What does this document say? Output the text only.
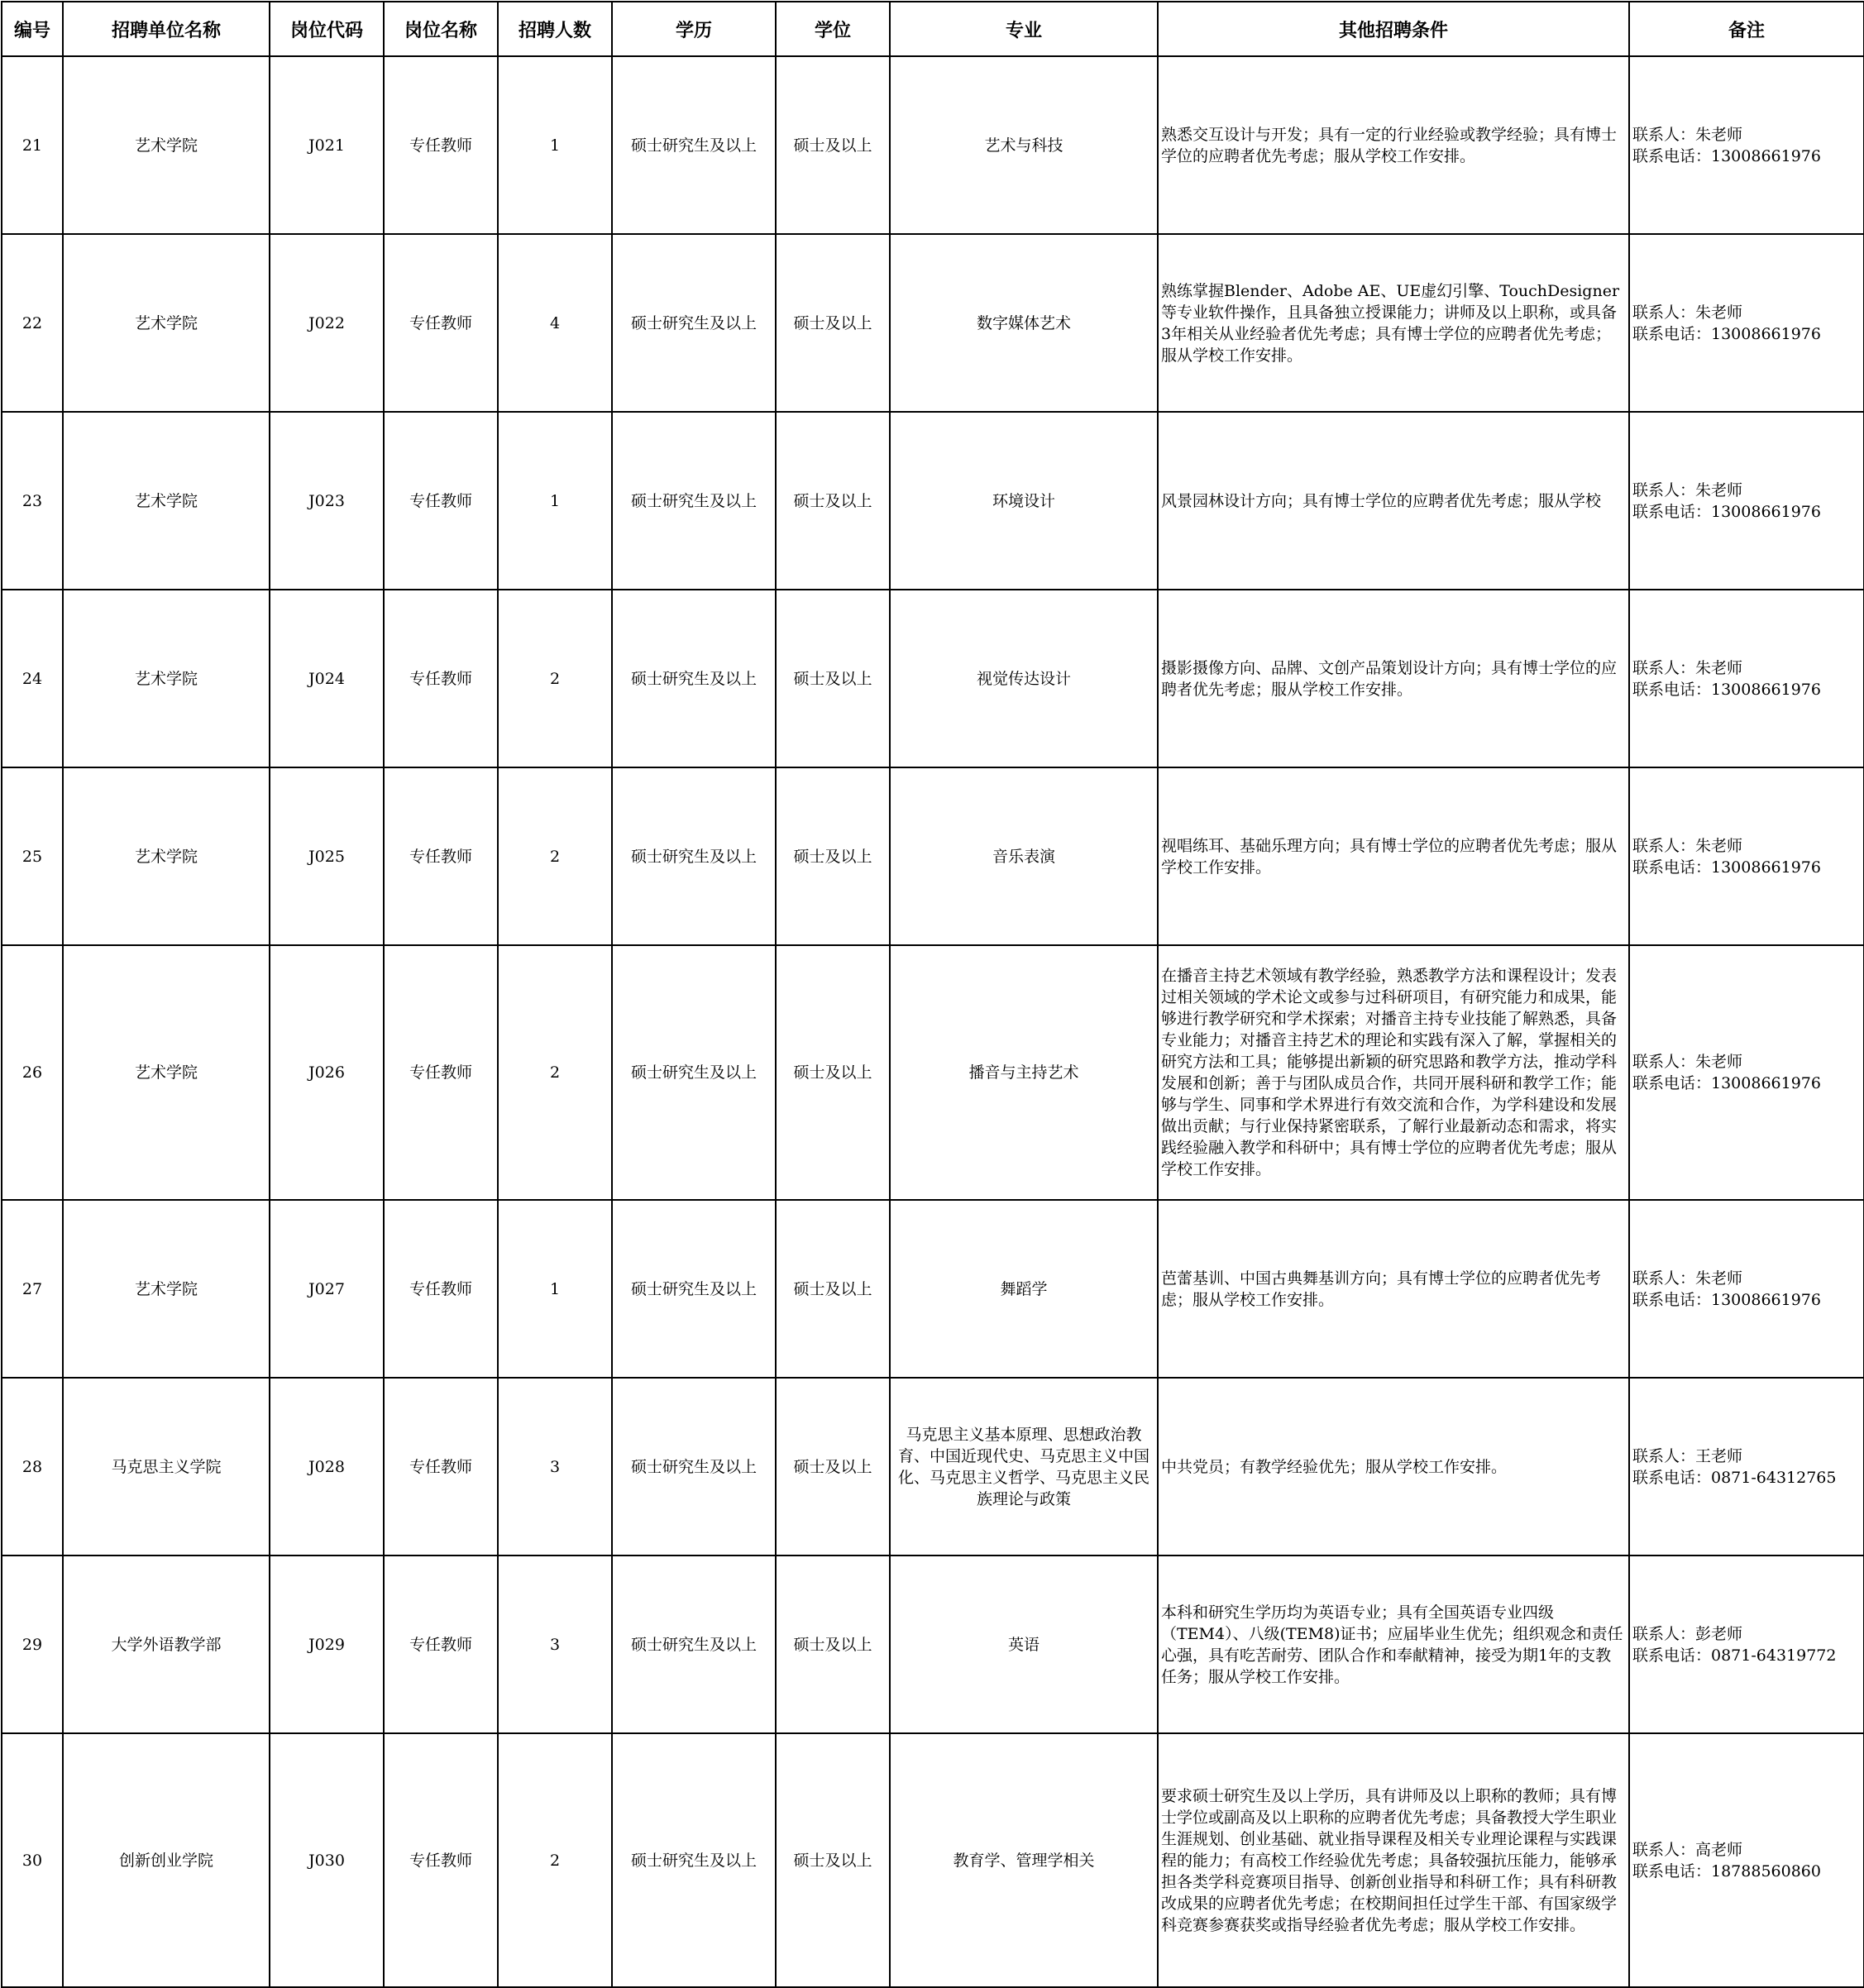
编号	招聘单位名称	岗位代码	岗位名称	招聘人数	学历	学位	专业	其他招聘条件	备注
21	艺术学院	J021	专任教师	1	硕士研究生及以上	硕士及以上	艺术与科技	熟悉交互设计与开发；具有一定的行业经验或教学经验；具有博士学位的应聘者优先考虑；服从学校工作安排。	联系人：朱老师
联系电话：13008661976

22	艺术学院	J022	专任教师	4	硕士研究生及以上	硕士及以上	数字媒体艺术	熟练掌握Blender、Adobe AE、UE虚幻引擎、TouchDesigner 等专业软件操作，且具备独立授课能力；讲师及以上职称，或具备3年相关从业经验者优先考虑；具有博士学位的应聘者优先考虑；服从学校工作安排。	联系人：朱老师
联系电话：13008661976

23	艺术学院	J023	专任教师	1	硕士研究生及以上	硕士及以上	环境设计	风景园林设计方向；具有博士学位的应聘者优先考虑；服从学校	联系人：朱老师
联系电话：13008661976

24	艺术学院	J024	专任教师	2	硕士研究生及以上	硕士及以上	视觉传达设计	摄影摄像方向、品牌、文创产品策划设计方向；具有博士学位的应聘者优先考虑；服从学校工作安排。	联系人：朱老师
联系电话：13008661976

25	艺术学院	J025	专任教师	2	硕士研究生及以上	硕士及以上	音乐表演	视唱练耳、基础乐理方向；具有博士学位的应聘者优先考虑；服从学校工作安排。	联系人：朱老师
联系电话：13008661976

26	艺术学院	J026	专任教师	2	硕士研究生及以上	硕士及以上	播音与主持艺术	在播音主持艺术领域有教学经验，熟悉教学方法和课程设计；发表过相关领域的学术论文或参与过科研项目，有研究能力和成果，能够进行教学研究和学术探索；对播音主持专业技能了解熟悉，具备专业能力；对播音主持艺术的理论和实践有深入了解，掌握相关的研究方法和工具；能够提出新颖的研究思路和教学方法，推动学科发展和创新；善于与团队成员合作，共同开展科研和教学工作；能够与学生、同事和学术界进行有效交流和合作，为学科建设和发展做出贡献；与行业保持紧密联系，了解行业最新动态和需求，将实践经验融入教学和科研中；具有博士学位的应聘者优先考虑；服从学校工作安排。	联系人：朱老师
联系电话：13008661976

27	艺术学院	J027	专任教师	1	硕士研究生及以上	硕士及以上	舞蹈学	芭蕾基训、中国古典舞基训方向；具有博士学位的应聘者优先考虑；服从学校工作安排。	联系人：朱老师
联系电话：13008661976

28	马克思主义学院	J028	专任教师	3	硕士研究生及以上	硕士及以上	马克思主义基本原理、思想政治教育、中国近现代史、马克思主义中国化、马克思主义哲学、马克思主义民族理论与政策	中共党员；有教学经验优先；服从学校工作安排。	联系人：王老师
联系电话：0871-64312765

29	大学外语教学部	J029	专任教师	3	硕士研究生及以上	硕士及以上	英语	本科和研究生学历均为英语专业；具有全国英语专业四级（TEM4）、八级(TEM8)证书；应届毕业生优先；组织观念和责任心强，具有吃苦耐劳、团队合作和奉献精神，接受为期1年的支教任务；服从学校工作安排。	联系人：彭老师
联系电话：0871-64319772

30	创新创业学院	J030	专任教师	2	硕士研究生及以上	硕士及以上	教育学、管理学相关	要求硕士研究生及以上学历，具有讲师及以上职称的教师；具有博士学位或副高及以上职称的应聘者优先考虑；具备教授大学生职业生涯规划、创业基础、就业指导课程及相关专业理论课程与实践课程的能力；有高校工作经验优先考虑；具备较强抗压能力，能够承担各类学科竞赛项目指导、创新创业指导和科研工作；具有科研教改成果的应聘者优先考虑；在校期间担任过学生干部、有国家级学科竞赛参赛获奖或指导经验者优先考虑；服从学校工作安排。	联系人：高老师
联系电话：18788560860
